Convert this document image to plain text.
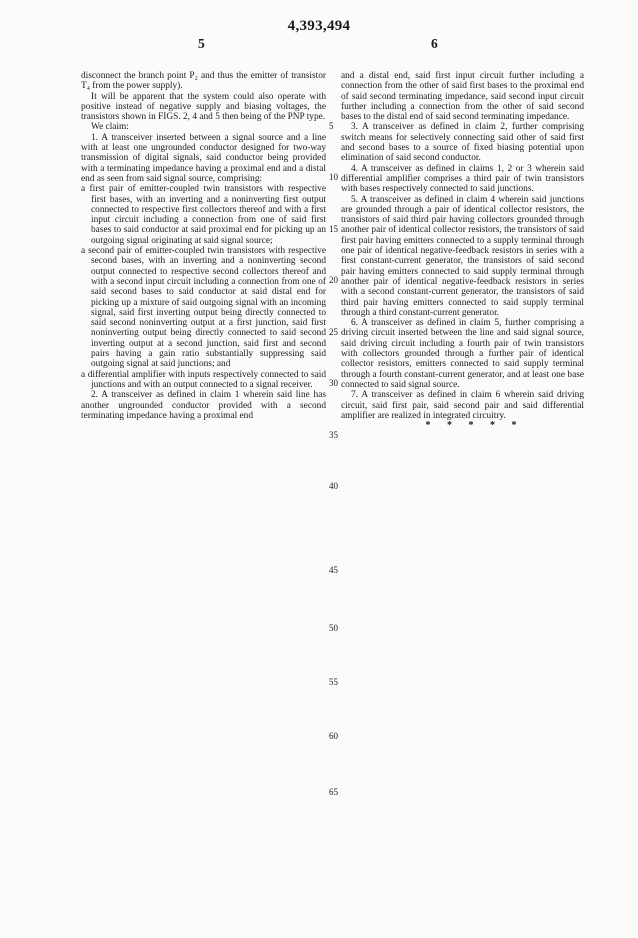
4,393,494
5	6

disconnect the branch point P₂ and thus the emitter of transistor T₄ from the power supply).

It will be apparent that the system could also operate with positive instead of negative supply and biasing voltages, the transistors shown in FIGS. 2, 4 and 5 then being of the PNP type.

We claim:

1. A transceiver inserted between a signal source and a line with at least one ungrounded conductor designed for two-way transmission of digital signals, said conductor being provided with a terminating impedance having a proximal end and a distal end as seen from said signal source, comprising:

a first pair of emitter-coupled twin transistors with respective first bases, with an inverting and a noninverting first output connected to respective first collectors thereof and with a first input circuit including a connection from one of said first bases to said conductor at said proximal end for picking up an outgoing signal originating at said signal source;

a second pair of emitter-coupled twin transistors with respective second bases, with an inverting and a noninverting second output connected to respective second collectors thereof and with a second input circuit including a connection from one of said second bases to said conductor at said distal end for picking up a mixture of said outgoing signal with an incoming signal, said first inverting output being directly connected to said second noninverting output at a first junction, said first noninverting output being directly connected to said second inverting output at a second junction, said first and second pairs having a gain ratio substantially suppressing said outgoing signal at said junctions; and

a differential amplifier with inputs respectively connected to said junctions and with an output connected to a signal receiver.

2. A transceiver as defined in claim 1 wherein said line has another ungrounded conductor provided with a second terminating impedance having a proximal end

and a distal end, said first input circuit further including a connection from the other of said first bases to the proximal end of said second terminating impedance, said second input circuit further including a connection from the other of said second bases to the distal end of said second terminating impedance.

3. A transceiver as defined in claim 2, further comprising switch means for selectively connecting said other of said first and second bases to a source of fixed biasing potential upon elimination of said second conductor.

4. A transceiver as defined in claims 1, 2 or 3 wherein said differential amplifier comprises a third pair of twin transistors with bases respectively connected to said junctions.

5. A transceiver as defined in claim 4 wherein said junctions are grounded through a pair of identical collector resistors, the transistors of said third pair having collectors grounded through another pair of identical collector resistors, the transistors of said first pair having emitters connected to a supply terminal through one pair of identical negative-feedback resistors in series with a first constant-current generator, the transistors of said second pair having emitters connected to said supply terminal through another pair of identical negative-feedback resistors in series with a second constant-current generator, the transistors of said third pair having emitters connected to said supply terminal through a third constant-current generator.

6. A transceiver as defined in claim 5, further comprising a driving circuit inserted between the line and said signal source, said driving circuit including a fourth pair of twin transistors with collectors grounded through a further pair of identical collector resistors, emitters connected to said supply terminal through a fourth constant-current generator, and at least one base connected to said signal source.

7. A transceiver as defined in claim 6 wherein said driving circuit, said first pair, said second pair and said differential amplifier are realized in integrated circuitry.

* * * * *
5
10
15
20
25
30
35
40
45
50
55
60
65
